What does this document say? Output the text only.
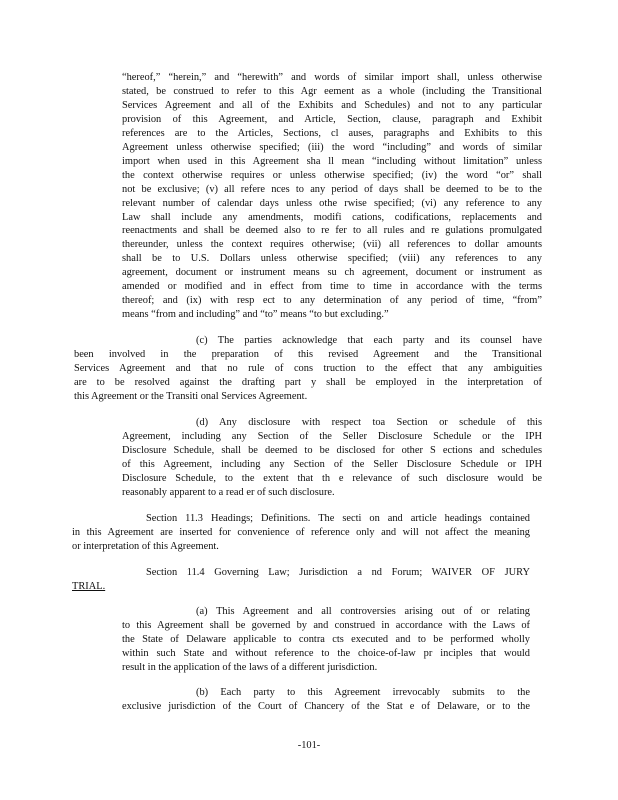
“hereof,” “herein,” and “herewith” and words of similar import shall, unless otherwise
stated, be construed to refer to this Agr eement as a whole (including the Transitional
Services Agreement and all of the Exhibits and Schedules) and not to any particular
provision of this Agreement, and Article, Section, clause, paragraph and Exhibit
references are to the Articles, Sections, cl auses, paragraphs and Exhibits to this
Agreement unless otherwise specified; (iii) the word “including” and words of similar
import when used in this Agreement sha ll mean “including without limitation” unless
the context otherwise requires or unless otherwise specified; (iv) the word “or” shall
not be exclusive; (v) all refere nces to any period of days shall be deemed to be to the
relevant number of calendar days unless othe rwise specified; (vi) any reference to any
Law shall include any amendments, modifi cations, codifications, replacements and
reenactments and shall be deemed also to re fer to all rules and re gulations promulgated
thereunder, unless the context requires otherwise; (vii) all references to dollar amounts
shall be to U.S. Dollars unless otherwise specified; (viii) any references to any
agreement, document or instrument means su ch agreement, document or instrument as
amended or modified and in effect from time to time in accordance with the terms
thereof; and (ix) with resp ect to any determination of any period of time, “from”
means “from and including” and “to” means “to but excluding.”
(c) The parties acknowledge that each party and its counsel have
been involved in the preparation of this revised Agreement and the Transitional
Services Agreement and that no rule of cons truction to the effect that any ambiguities
are to be resolved against the drafting part y shall be employed in the interpretation of
this Agreement or the Transiti onal Services Agreement.
(d) Any disclosure with respect toa Section or schedule of this
Agreement, including any Section of the Seller Disclosure Schedule or the IPH
Disclosure Schedule, shall be deemed to be disclosed for other S ections and schedules
of this Agreement, including any Section of the Seller Disclosure Schedule or IPH
Disclosure Schedule, to the extent that th e relevance of such disclosure would be
reasonably apparent to a read er of such disclosure.
Section 11.3 Headings; Definitions. The secti on and article headings contained
in this Agreement are inserted for convenience of reference only and will not affect the meaning
or interpretation of this Agreement.
Section 11.4 Governing Law; Jurisdiction a nd Forum; WAIVER OF JURY
TRIAL.
(a) This Agreement and all controversies arising out of or relating
to this Agreement shall be governed by and construed in accordance with the Laws of
the State of Delaware applicable to contra cts executed and to be performed wholly
within such State and without reference to the choice-of-law pr inciples that would
result in the application of the laws of a different jurisdiction.
(b) Each party to this Agreement irrevocably submits to the
exclusive jurisdiction of the Court of Chancery of the Stat e of Delaware, or to the
-101-
